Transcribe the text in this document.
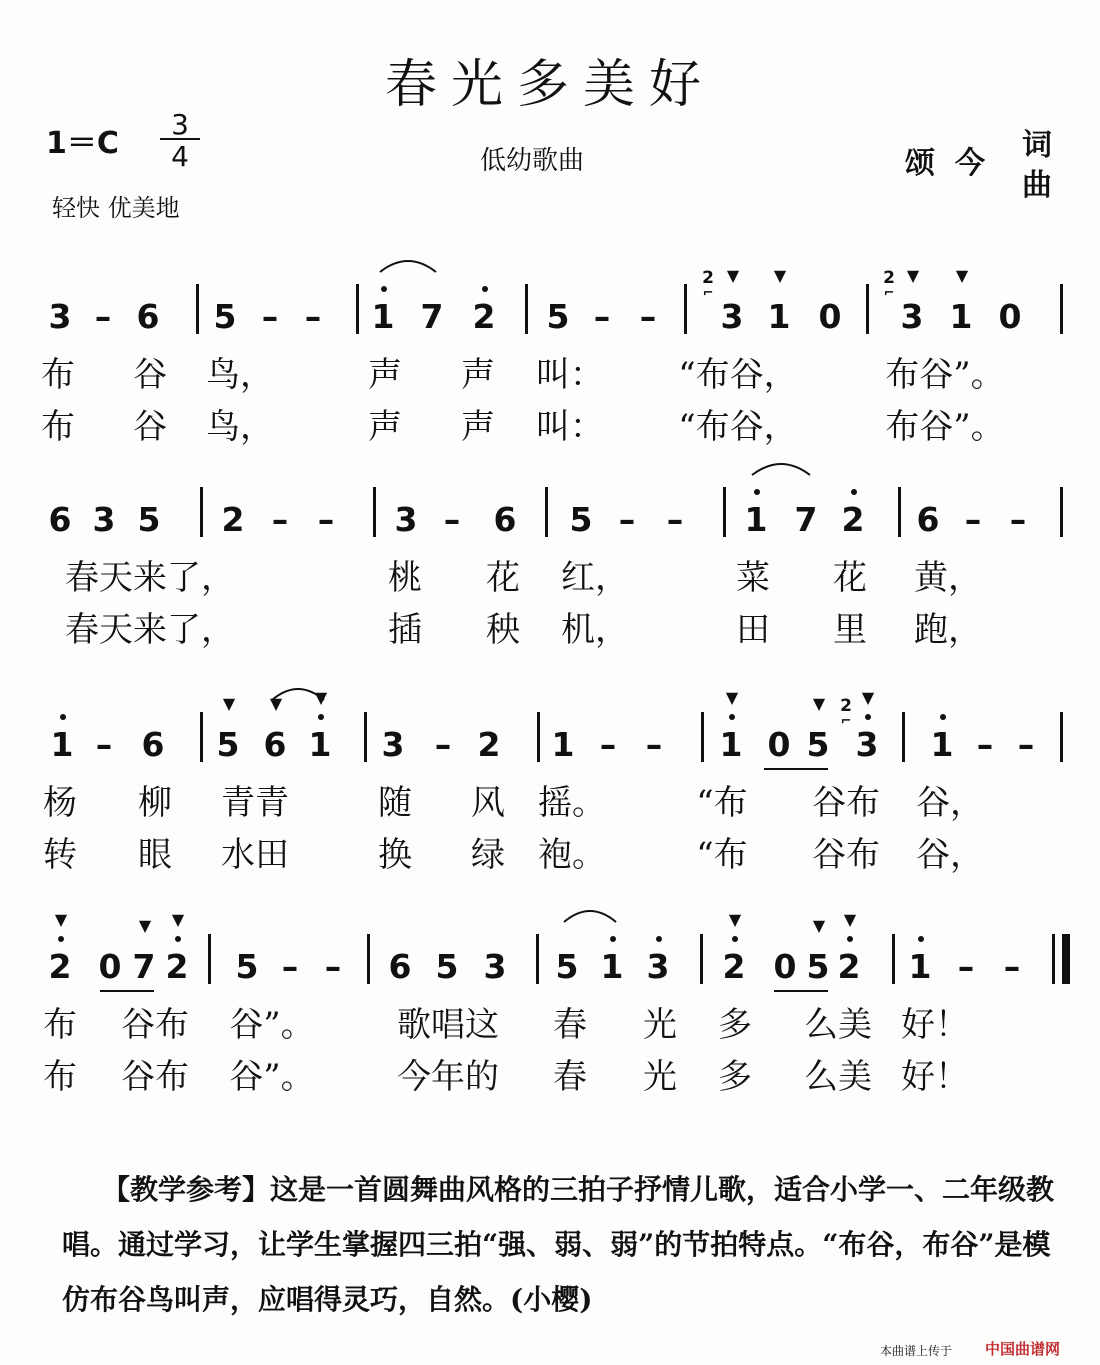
春光多美好
1＝C
3
4	低幼歌曲	颂今
词
曲
轻快 优美地
3 – 6 5 – – 1 7 2 5 – – 3
▼
1
▼
0 3
▼
1
▼
0
2
⌐
2
⌐
布 谷 鸟，	声 声 叫： “布谷，	布谷”。
布 谷 鸟，	声 声 叫： “布谷，	布谷”。
6 3 5 2 – – 3 – 6 5 – – 1 7 2 6 – –
春天来了，	桃 花 红，	菜 花 黄，
春天来了，	插 秧 机，	田 里 跑，
1 – 6 5
▼
6
▼
1
▼
3 – 2 1 – – 1
▼
0 5
▼
3
▼
1 – –
2
⌐
杨 柳 青青	随 风 摇。	“布 谷布 谷，
转 眼 水田	换 绿 袍。	“布 谷布 谷，
2
▼
0 7
▼
2
▼
5 – – 6 5 3 5 1 3 2
▼
0 5
▼
2
▼
1 – –
布 谷布 谷”。 歌唱这 春 光 多 么美 好！
布 谷布 谷”。 今年的 春 光 多 么美 好！
【教学参考】这是一首圆舞曲风格的三拍子抒情儿歌，适合小学一、二年级教唱。通过学习，让学生掌握四三拍“强、弱、弱”的节拍特点。“布谷，布谷”是模仿布谷鸟叫声，应唱得灵巧，自然。(小樱)
本曲谱上传于 中国曲谱网
